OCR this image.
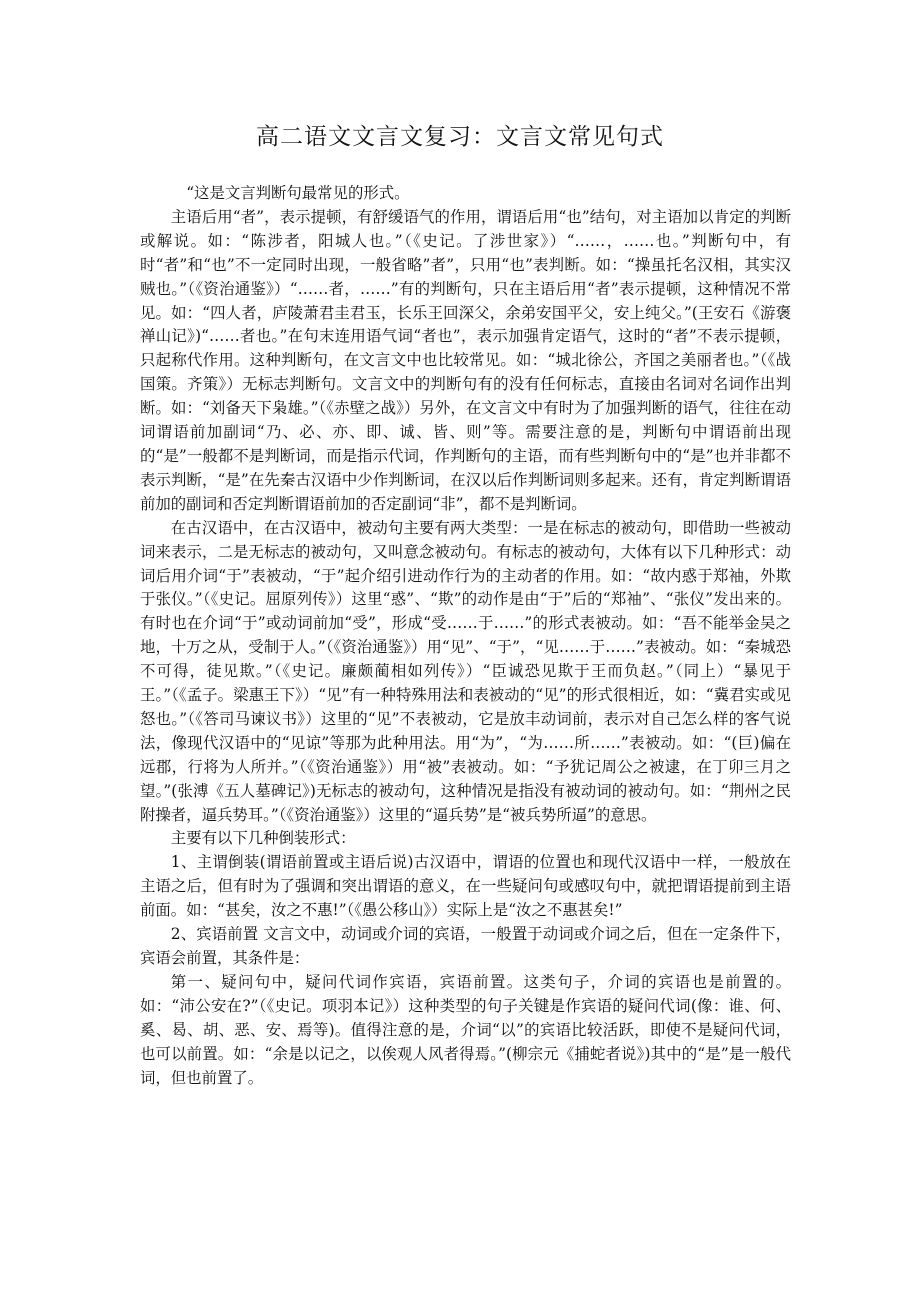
高二语文文言文复习：文言文常见句式

“这是文言判断句最常见的形式。

主语后用“者”，表示提顿，有舒缓语气的作用，谓语后用“也”结句，对主语加以肯定的判断或解说。如：“陈涉者，阳城人也。”（《史记。了涉世家》）“……，……也。”判断句中，有时“者”和“也”不一定同时出现，一般省略”者”，只用“也”表判断。如：“操虽托名汉相，其实汉贼也。”（《资治通鉴》）“……者，……”有的判断句，只在主语后用“者”表示提顿，这种情况不常见。如：“四人者，庐陵萧君圭君玉，长乐王回深父，余弟安国平父，安上纯父。”(王安石《游褒禅山记》)“……者也。”在句末连用语气词“者也”，表示加强肯定语气，这时的“者”不表示提顿，只起称代作用。这种判断句，在文言文中也比较常见。如：“城北徐公，齐国之美丽者也。”（《战国策。齐策》）无标志判断句。文言文中的判断句有的没有任何标志，直接由名词对名词作出判断。如：“刘备天下枭雄。”（《赤壁之战》）另外，在文言文中有时为了加强判断的语气，往往在动词谓语前加副词“乃、必、亦、即、诚、皆、则”等。需要注意的是，判断句中谓语前出现的“是”一般都不是判断词，而是指示代词，作判断句的主语，而有些判断句中的“是”也并非都不表示判断，“是”在先秦古汉语中少作判断词，在汉以后作判断词则多起来。还有，肯定判断谓语前加的副词和否定判断谓语前加的否定副词“非”，都不是判断词。

在古汉语中，在古汉语中，被动句主要有两大类型：一是在标志的被动句，即借助一些被动词来表示，二是无标志的被动句，又叫意念被动句。有标志的被动句，大体有以下几种形式：动词后用介词“于”表被动，“于”起介绍引进动作行为的主动者的作用。如：“故内惑于郑袖，外欺于张仪。”（《史记。屈原列传》）这里“惑”、“欺”的动作是由“于”后的“郑袖”、“张仪”发出来的。有时也在介词“于”或动词前加“受”，形成“受……于……”的形式表被动。如：“吾不能举金吴之地，十万之从，受制于人。”（《资治通鉴》）用“见”、“于”，“见……于……”表被动。如：“秦城恐不可得，徒见欺。”（《史记。廉颇蔺相如列传》）“臣诚恐见欺于王而负赵。”（同上）“暴见于王。”（《孟子。梁惠王下》）“见”有一种特殊用法和表被动的“见”的形式很相近，如：“冀君实或见怒也。”（《答司马谏议书》）这里的“见”不表被动，它是放丰动词前，表示对自己怎么样的客气说法，像现代汉语中的“见谅”等那为此种用法。用“为”，“为……所……”表被动。如：“(巨)偏在远郡，行将为人所并。”（《资治通鉴》）用“被”表被动。如：“予犹记周公之被逮，在丁卯三月之望。”(张溥《五人墓碑记》)无标志的被动句，这种情况是指没有被动词的被动句。如：“荆州之民附操者，逼兵势耳。”（《资治通鉴》）这里的“逼兵势”是“被兵势所逼”的意思。

主要有以下几种倒装形式：

1、主谓倒装(谓语前置或主语后说)古汉语中，谓语的位置也和现代汉语中一样，一般放在主语之后，但有时为了强调和突出谓语的意义，在一些疑问句或感叹句中，就把谓语提前到主语前面。如：“甚矣，汝之不惠!”（《愚公移山》）实际上是“汝之不惠甚矣!”

2、宾语前置 文言文中，动词或介词的宾语，一般置于动词或介词之后，但在一定条件下，宾语会前置，其条件是：

第一、疑问句中，疑问代词作宾语，宾语前置。这类句子，介词的宾语也是前置的。如：“沛公安在?”（《史记。项羽本记》）这种类型的句子关键是作宾语的疑问代词(像：谁、何、奚、曷、胡、恶、安、焉等)。值得注意的是，介词“以”的宾语比较活跃，即使不是疑问代词，也可以前置。如：“余是以记之，以俟观人风者得焉。”(柳宗元《捕蛇者说》)其中的“是”是一般代词，但也前置了。
